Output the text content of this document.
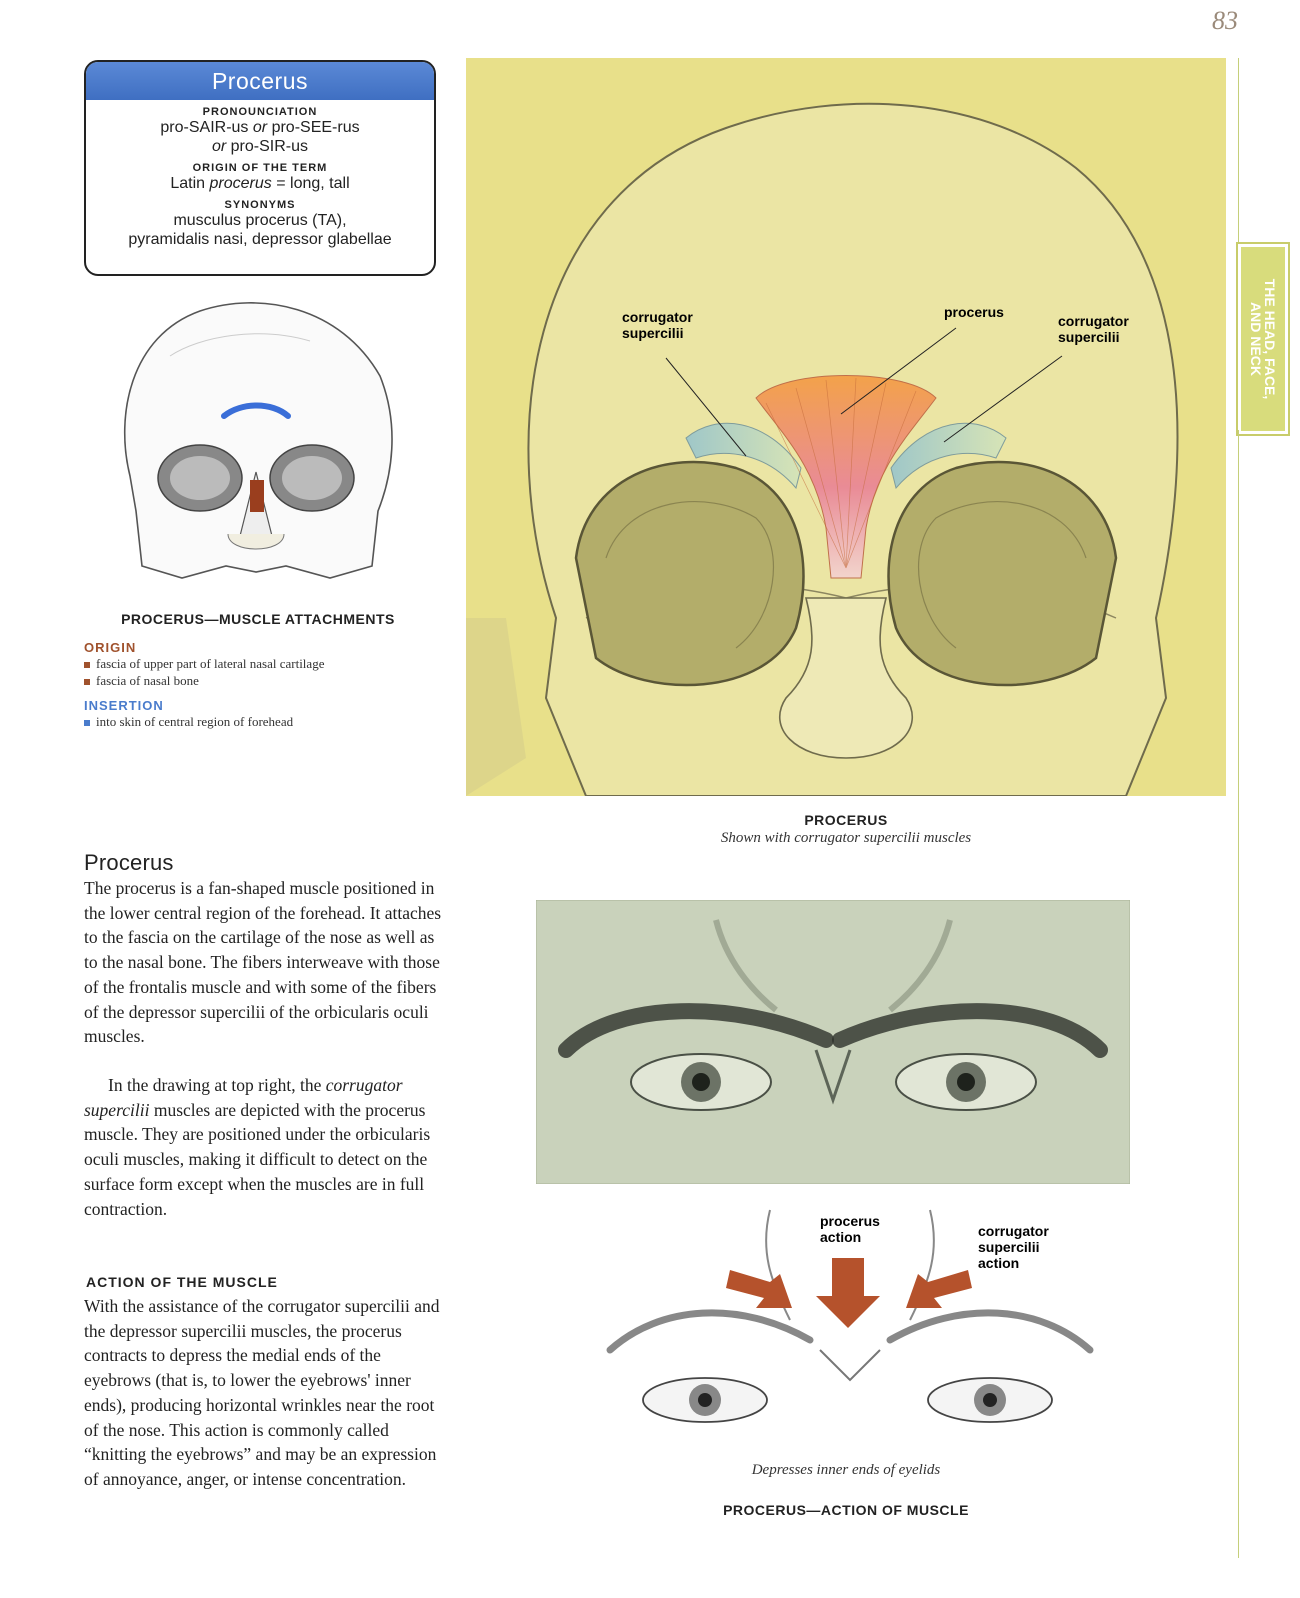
83
THE HEAD, FACE,
AND NECK
Procerus
PRONOUNCIATION
pro-SAIR-us or pro-SEE-rus
or pro-SIR-us
ORIGIN OF THE TERM
Latin procerus = long, tall
SYNONYMS
musculus procerus (TA),
pyramidalis nasi, depressor glabellae
PROCERUS—MUSCLE ATTACHMENTS
ORIGIN
fascia of upper part of lateral nasal cartilage
fascia of nasal bone
INSERTION
into skin of central region of forehead
corrugator
supercilii
procerus
corrugator
supercilii
PROCERUS
Shown with corrugator supercilii muscles
Procerus
The procerus is a fan-shaped muscle positioned in the lower central region of the forehead. It attaches to the fascia on the cartilage of the nose as well as to the nasal bone. The fibers interweave with those of the frontalis muscle and with some of the fibers of the depressor supercilii of the orbicularis oculi muscles.
In the drawing at top right, the corrugator supercilii muscles are depicted with the procerus muscle. They are positioned under the orbicularis oculi muscles, making it difficult to detect on the surface form except when the muscles are in full contraction.
ACTION OF THE MUSCLE
With the assistance of the corrugator supercilii and the depressor supercilii muscles, the procerus contracts to depress the medial ends of the eyebrows (that is, to lower the eyebrows' inner ends), producing horizontal wrinkles near the root of the nose. This action is commonly called “knitting the eyebrows” and may be an expression of annoyance, anger, or intense concentration.
procerus
action	corrugator
supercilii
action
Depresses inner ends of eyelids
PROCERUS—ACTION OF MUSCLE
